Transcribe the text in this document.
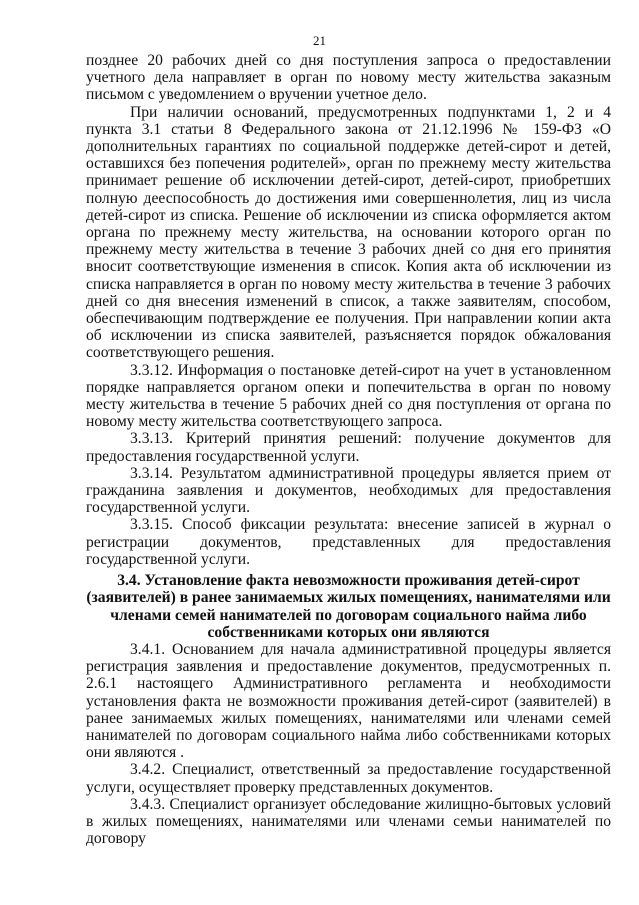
21

позднее 20 рабочих дней со дня поступления запроса о предоставлении учетного дела направляет в орган по новому месту жительства заказным письмом с уведомлением о вручении учетное дело.

При наличии оснований, предусмотренных подпунктами 1, 2 и 4 пункта 3.1 статьи 8 Федерального закона от 21.12.1996 № 159-ФЗ «О дополнительных гарантиях по социальной поддержке детей-сирот и детей, оставшихся без попечения родителей», орган по прежнему месту жительства принимает решение об исключении детей-сирот, детей-сирот, приобретших полную дееспособность до достижения ими совершеннолетия, лиц из числа детей-сирот из списка. Решение об исключении из списка оформляется актом органа по прежнему месту жительства, на основании которого орган по прежнему месту жительства в течение 3 рабочих дней со дня его принятия вносит соответствующие изменения в список. Копия акта об исключении из списка направляется в орган по новому месту жительства в течение 3 рабочих дней со дня внесения изменений в список, а также заявителям, способом, обеспечивающим подтверждение ее получения. При направлении копии акта об исключении из списка заявителей, разъясняется порядок обжалования соответствующего решения.

3.3.12. Информация о постановке детей-сирот на учет в установленном порядке направляется органом опеки и попечительства в орган по новому месту жительства в течение 5 рабочих дней со дня поступления от органа по новому месту жительства соответствующего запроса.

3.3.13. Критерий принятия решений: получение документов для предоставления государственной услуги.

3.3.14. Результатом административной процедуры является прием от гражданина заявления и документов, необходимых для предоставления государственной услуги.

3.3.15. Способ фиксации результата: внесение записей в журнал о регистрации документов, представленных для предоставления государственной услуги.

3.4. Установление факта невозможности проживания детей-сирот (заявителей) в ранее занимаемых жилых помещениях, нанимателями или членами семей нанимателей по договорам социального найма либо собственниками которых они являются

3.4.1. Основанием для начала административной процедуры является регистрация заявления и предоставление документов, предусмотренных п. 2.6.1 настоящего Административного регламента и необходимости установления факта не возможности проживания детей-сирот (заявителей) в ранее занимаемых жилых помещениях, нанимателями или членами семей нанимателей по договорам социального найма либо собственниками которых они являются .

3.4.2. Специалист, ответственный за предоставление государственной услуги, осуществляет проверку представленных документов.

3.4.3. Специалист организует обследование жилищно-бытовых условий в жилых помещениях, нанимателями или членами семьи нанимателей по договору
